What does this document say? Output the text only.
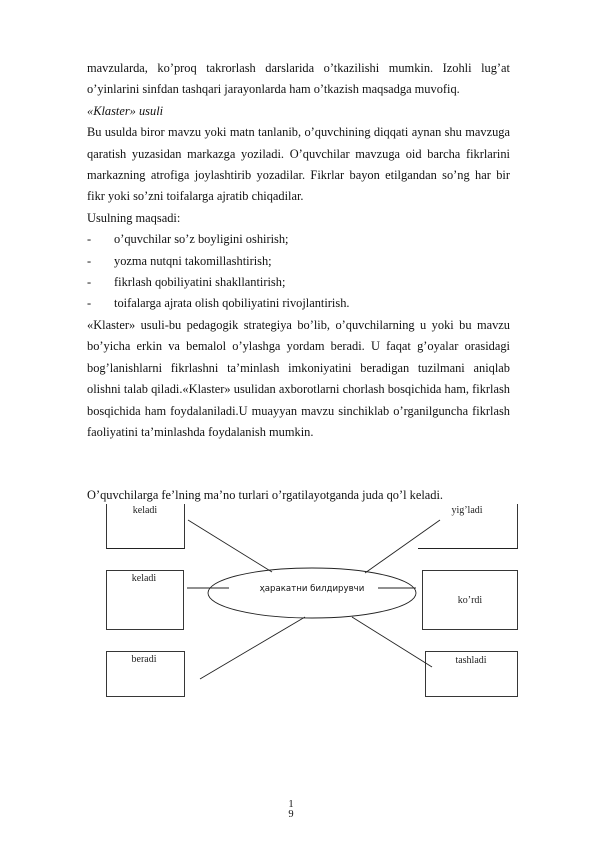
mavzularda, ko’proq takrorlash darslarida o’tkazilishi mumkin. Izohli lug’at o’yinlarini sinfdan tashqari jarayonlarda ham o’tkazish maqsadga muvofiq.

«Klaster» usuli

Bu usulda biror mavzu yoki matn tanlanib, o’quvchining diqqati aynan shu mavzuga qaratish yuzasidan markazga yoziladi. O’quvchilar mavzuga oid barcha fikrlarini markazning atrofiga joylashtirib yozadilar. Fikrlar bayon etilgandan so’ng har bir fikr yoki so’zni toifalarga ajratib chiqadilar.

Usulning maqsadi:

- o’quvchilar so’z boyligini oshirish;

- yozma nutqni takomillashtirish;

- fikrlash qobiliyatini shakllantirish;

- toifalarga ajrata olish qobiliyatini rivojlantirish.

«Klaster» usuli-bu pedagogik strategiya bo’lib, o’quvchilarning u yoki bu mavzu bo’yicha erkin va bemalol o’ylashga yordam beradi. U faqat g’oyalar orasidagi bog’lanishlarni fikrlashni ta’minlash imkoniyatini beradigan tuzilmani aniqlab olishni talab qiladi.«Klaster» usulidan axborotlarni chorlash bosqichida ham, fikrlash bosqichida ham foydalaniladi.U muayyan mavzu sinchiklab o’rganilguncha fikrlash faoliyatini ta’minlashda foydalanish mumkin.

keladi
keladi
beradi
yig’ladi
ko’rdi
tashladi
ҳаракатни билдирувчи
O’quvchilarga fe’lning ma’no turlari o’rgatilayotganda juda qo’l keladi.
1
9
